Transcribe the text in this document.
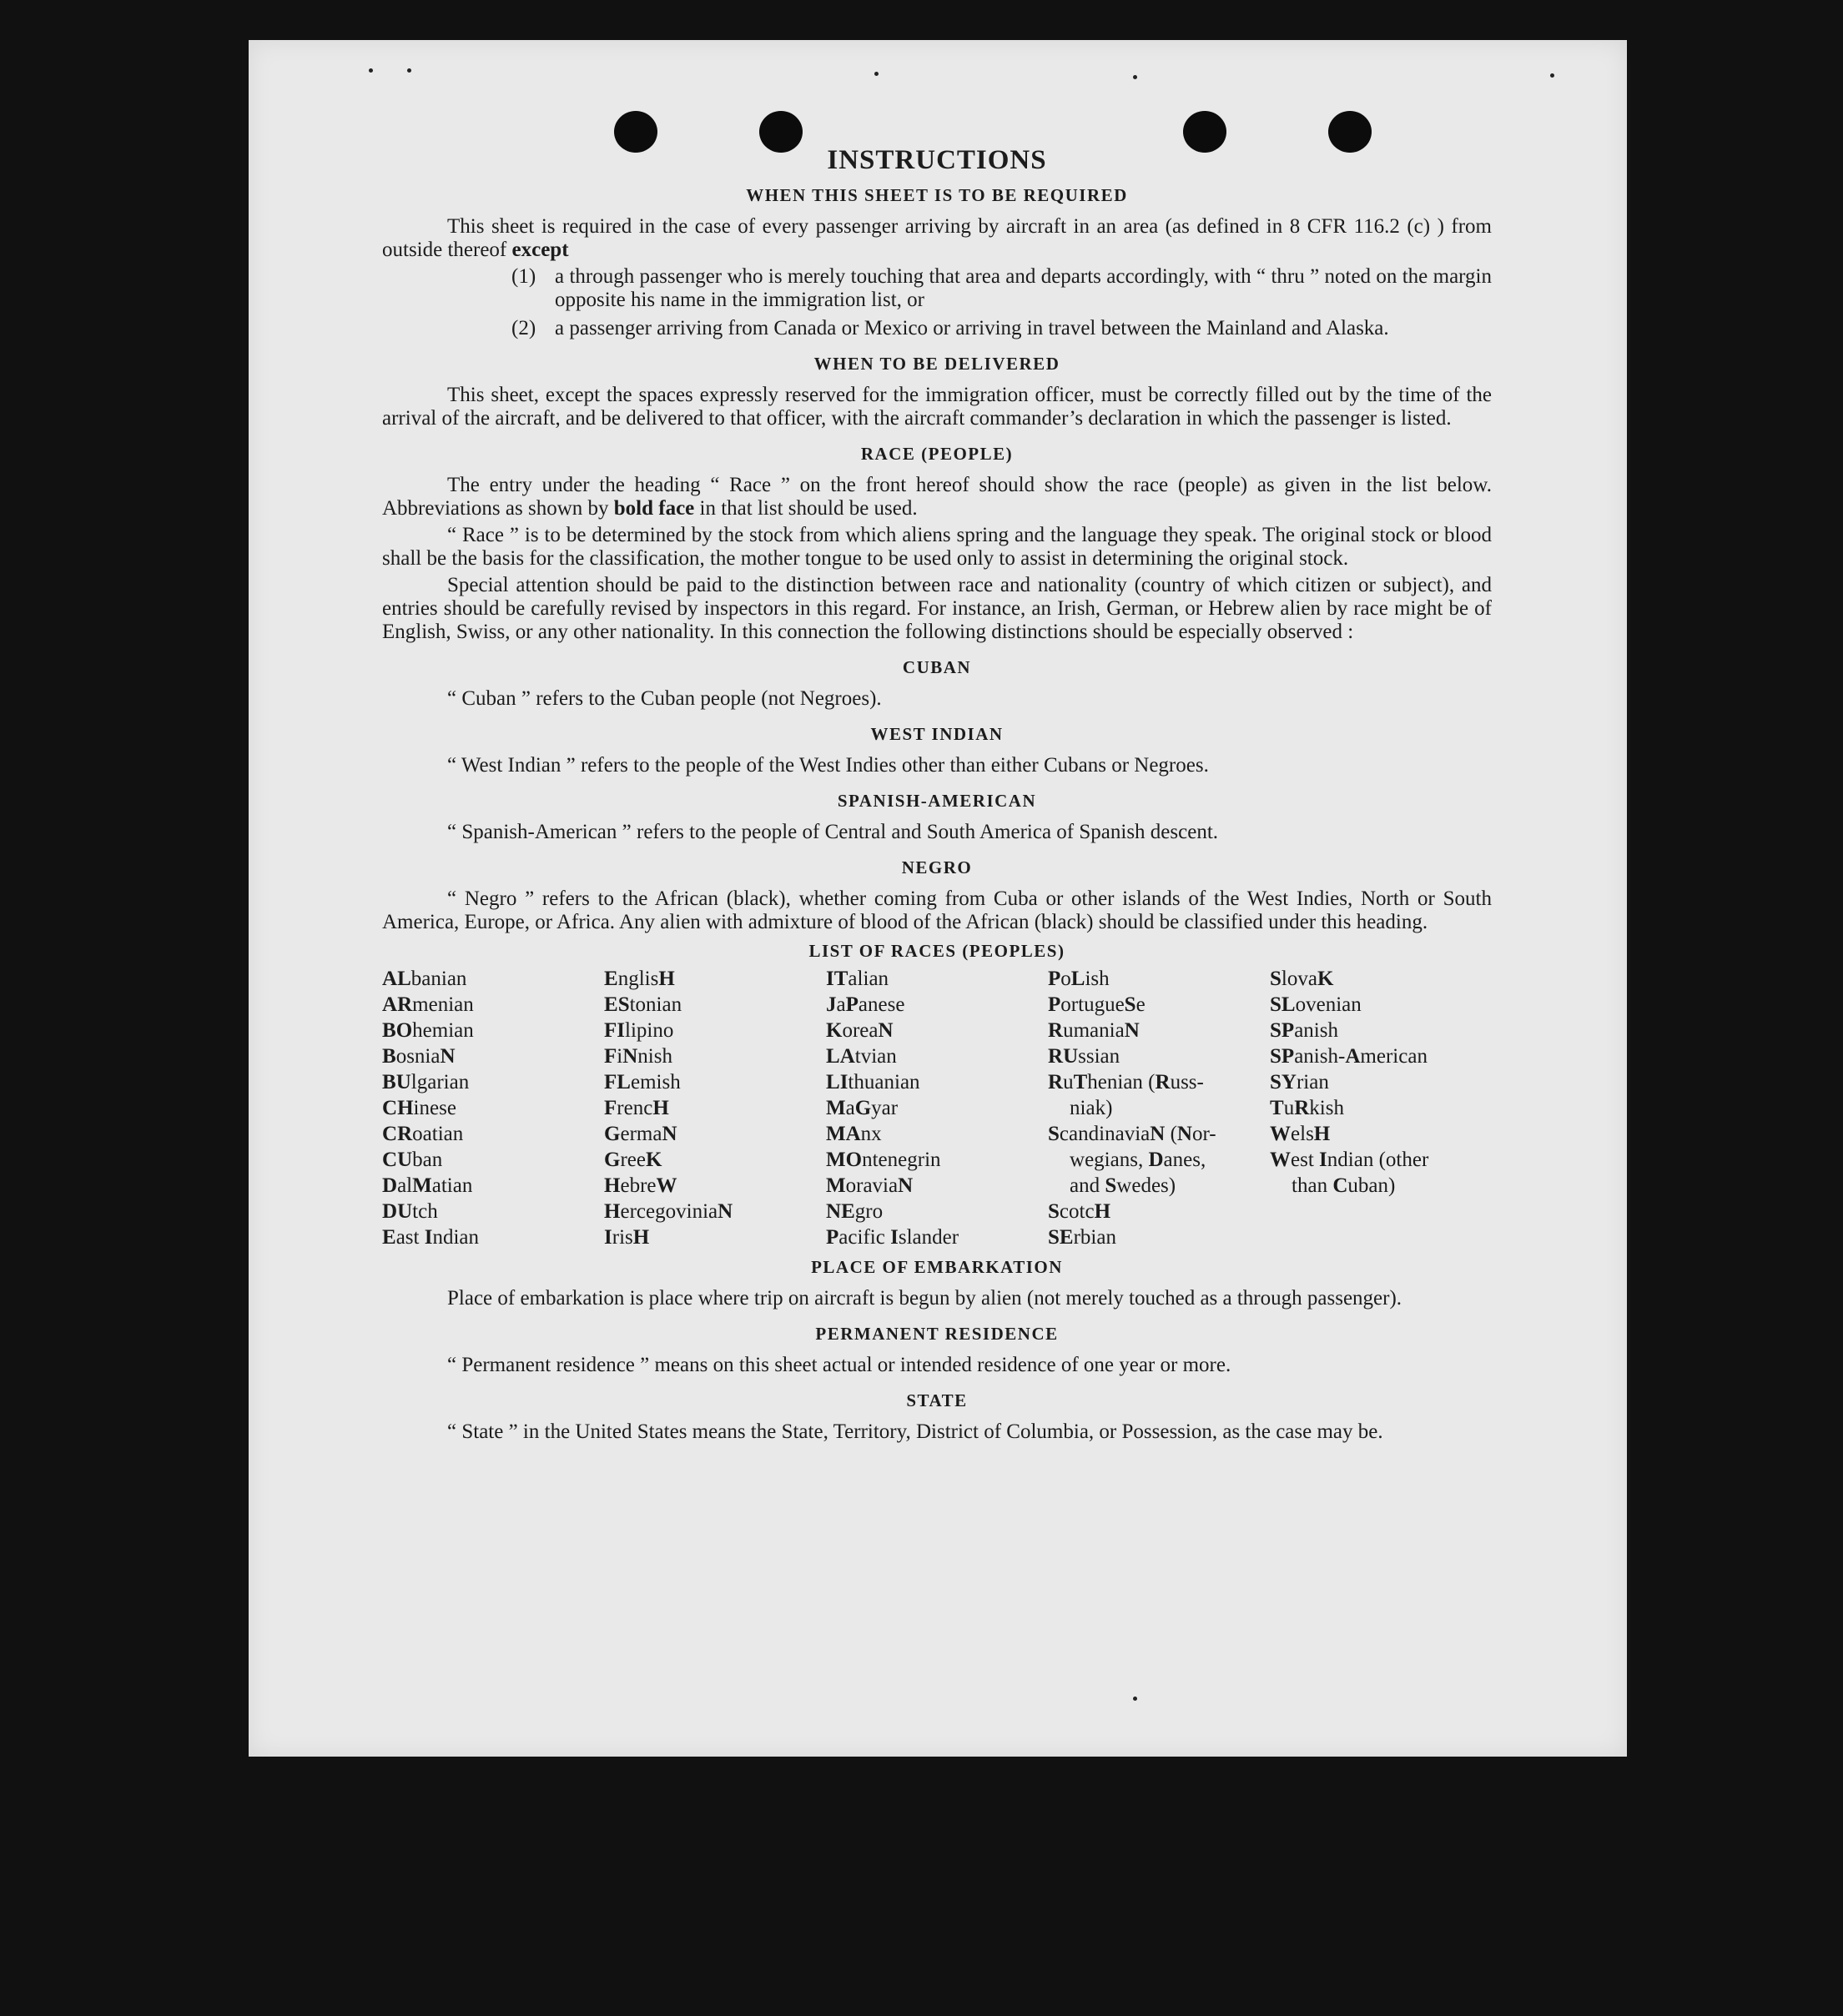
INSTRUCTIONS
WHEN THIS SHEET IS TO BE REQUIRED

This sheet is required in the case of every passenger arriving by aircraft in an area (as defined in 8 CFR 116.2 (c) ) from outside thereof except

(1) a through passenger who is merely touching that area and departs accordingly, with “ thru ” noted on the margin opposite his name in the immigration list, or
(2) a passenger arriving from Canada or Mexico or arriving in travel between the Mainland and Alaska.
WHEN TO BE DELIVERED

This sheet, except the spaces expressly reserved for the immigration officer, must be correctly filled out by the time of the arrival of the aircraft, and be delivered to that officer, with the aircraft commander’s declaration in which the passenger is listed.

RACE (PEOPLE)

The entry under the heading “ Race ” on the front hereof should show the race (people) as given in the list below. Abbreviations as shown by bold face in that list should be used.

“ Race ” is to be determined by the stock from which aliens spring and the language they speak. The original stock or blood shall be the basis for the classification, the mother tongue to be used only to assist in determining the original stock.

Special attention should be paid to the distinction between race and nationality (country of which citizen or subject), and entries should be carefully revised by inspectors in this regard. For instance, an Irish, German, or Hebrew alien by race might be of English, Swiss, or any other nationality. In this connection the following distinctions should be especially observed :

CUBAN
“ Cuban ” refers to the Cuban people (not Negroes).
WEST INDIAN
“ West Indian ” refers to the people of the West Indies other than either Cubans or Negroes.
SPANISH-AMERICAN
“ Spanish-American ” refers to the people of Central and South America of Spanish descent.
NEGRO

“ Negro ” refers to the African (black), whether coming from Cuba or other islands of the West Indies, North or South America, Europe, or Africa. Any alien with admixture of blood of the African (black) should be classified under this heading.

LIST OF RACES (PEOPLES)
ALbanian
ARmenian
BOhemian
BosniaN
BUlgarian
CHinese
CRoatian
CUban
DalMatian
DUtch
East Indian
EnglisH
EStonian
FIlipino
FiNnish
FLemish
FrencH
GermaN
GreeK
HebreW
HercegoviniaN
IrisH
ITalian
JaPanese
KoreaN
LAtvian
LIthuanian
MaGyar
MAnx
MOntenegrin
MoraviaN
NEgro
Pacific Islander
PoLish
PortugueSe
RumaniaN
RUssian
RuThenian (Russ-
niak)
ScandinaviaN (Nor-
wegians, Danes,
and Swedes)
ScotcH
SErbian
SlovaK
SLovenian
SPanish
SPanish-American
SYrian
TuRkish
WelsH
West Indian (other
than Cuban)
PLACE OF EMBARKATION

Place of embarkation is place where trip on aircraft is begun by alien (not merely touched as a through passenger).

PERMANENT RESIDENCE
“ Permanent residence ” means on this sheet actual or intended residence of one year or more.
STATE

“ State ” in the United States means the State, Territory, District of Columbia, or Possession, as the case may be.
